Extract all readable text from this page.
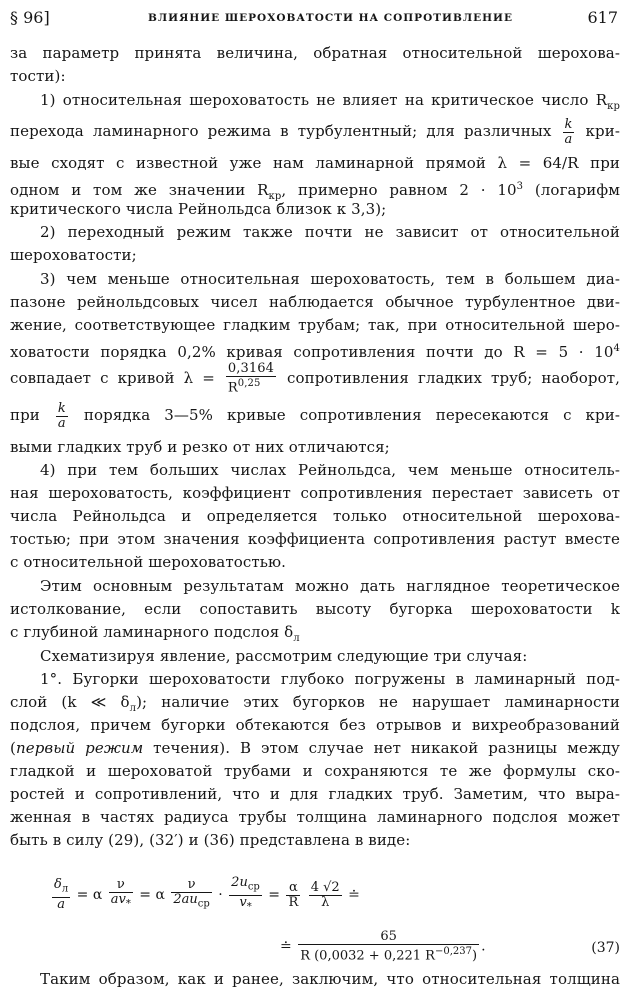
§ 96]	ВЛИЯНИЕ ШЕРОХОВАТОСТИ НА СОПРОТИВЛЕНИЕ	617
за параметр принята величина, обратная относительной шерохова-
тости):
1) относительная шероховатость не влияет на критическое число $R_{кр}$
перехода ламинарного режима в турбулентный; для различных $\frac{k}{a} кри-$
вые сходят с известной уже нам ламинарной прямой λ = 64/R при
одном и том же значении $R_{кр}$, примерно равном $2 \cdot 10^3$ (логарифм
критического числа Рейнольдса близок к 3,3);
2) переходный режим также почти не зависит от относительной
шероховатости;
3) чем меньше относительная шероховатость, тем в большем диа-
пазоне рейнольдсовых чисел наблюдается обычное турбулентное дви-
жение, соответствующее гладким трубам; так, при относительной шеро-
ховатости порядка 0,2% кривая сопротивления почти до $R = 5 \cdot 10^4$
совпадает с кривой $\lambda = \frac{0,3164}{R^{0,25}}$ сопротивления гладких труб; наоборот,
при $\frac{k}{a}$ порядка 3—5% кривые сопротивления пересекаются с кри-
выми гладких труб и резко от них отличаются;
4) при тем больших числах Рейнольдса, чем меньше относитель-
ная шероховатость, коэффициент сопротивления перестает зависеть от
числа Рейнольдса и определяется только относительной шерохова-
тостью; при этом значения коэффициента сопротивления растут вместе
с относительной шероховатостью.
Этим основным результатам можно дать наглядное теоретическое
истолкование, если сопоставить высоту бугорка шероховатости k
с глубиной ламинарного подслоя $\delta_л$
Схематизируя явление, рассмотрим следующие три случая:
1°. Бугорки шероховатости глубоко погружены в ламинарный под-
слой (k ≪ $\delta_л$); наличие этих бугорков не нарушает ламинарности
подслоя, причем бугорки обтекаются без отрывов и вихреобразований
(первый режим течения). В этом случае нет никакой разницы между
гладкой и шероховатой трубами и сохраняются те же формулы ско-
ростей и сопротивлений, что и для гладких труб. Заметим, что выра-
женная в частях радиуса трубы толщина ламинарного подслоя может
быть в силу (29), (32′) и (36) представлена в виде:
$\frac{\delta_л}{a} = \alpha \frac{\nu}{av_*} = \alpha \frac{\nu}{2au_{ср}} \cdot \frac{2u_{ср}}{v_*} = \frac{\alpha}{R}$
$\frac{4 √2}{\lambda}$ ≐
≐ $\frac{65}{R (0,0032 + 0,221 R^{-0,237})}$ .	(37)
Таким образом, как и ранее, заключим, что относительная толщина
